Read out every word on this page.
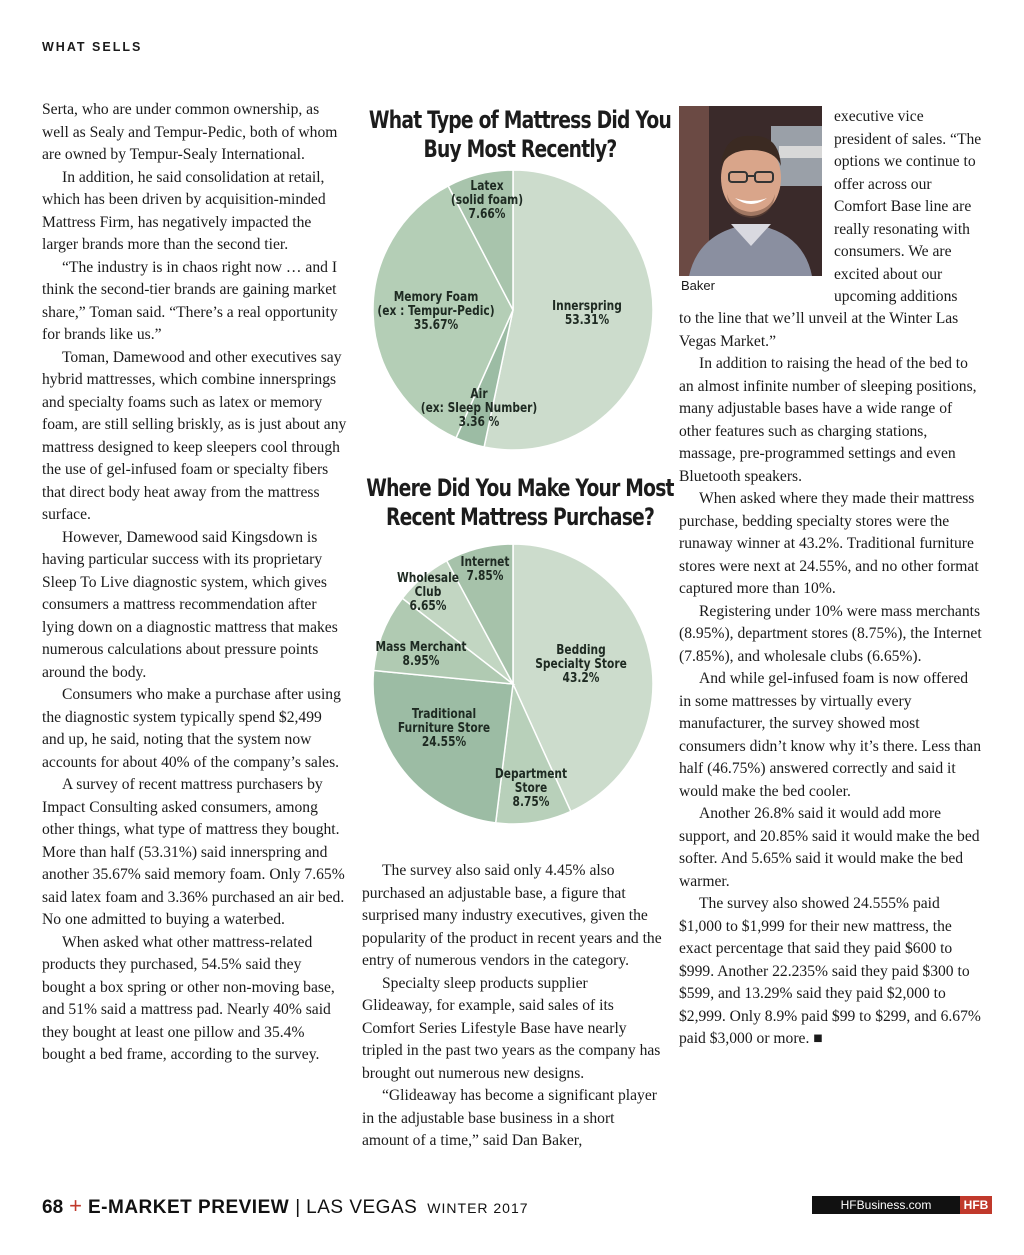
WHAT SELLS

Serta, who are under common ownership, as well as Sealy and Tempur-Pedic, both of whom are owned by Tempur-Sealy International.

In addition, he said consolidation at retail, which has been driven by acquisition-minded Mattress Firm, has negatively impacted the larger brands more than the second tier.

“The industry is in chaos right now … and I think the second-tier brands are gaining market share,” Toman said. “There’s a real opportunity for brands like us.”

Toman, Damewood and other executives say hybrid mattresses, which combine innersprings and specialty foams such as latex or memory foam, are still selling briskly, as is just about any mattress designed to keep sleepers cool through the use of gel-infused foam or specialty fibers that direct body heat away from the mattress surface.

However, Damewood said Kingsdown is having particular success with its proprietary Sleep To Live diagnostic system, which gives consumers a mattress recommendation after lying down on a diagnostic mattress that makes numerous calculations about pressure points around the body.

Consumers who make a purchase after using the diagnostic system typically spend $2,499 and up, he said, noting that the system now accounts for about 40% of the company’s sales.

A survey of recent mattress purchasers by Impact Consulting asked consumers, among other things, what type of mattress they bought. More than half (53.31%) said innerspring and another 35.67% said memory foam. Only 7.65% said latex foam and 3.36% purchased an air bed. No one admitted to buying a waterbed.

When asked what other mattress-related products they purchased, 54.5% said they bought a box spring or other non-moving base, and 51% said a mattress pad. Nearly 40% said they bought at least one pillow and 35.4% bought a bed frame, according to the survey.

What Type of Mattress Did You Buy Most Recently?
Innerspring 53.31%
Air (ex: Sleep Number) 3.36 %
Memory Foam (ex : Tempur-Pedic) 35.67%
Latex (solid foam) 7.66%
Where Did You Make Your Most Recent Mattress Purchase?
Bedding Specialty Store 43.2%
Department Store 8.75%
Traditional Furniture Store 24.55%
Mass Merchant 8.95%
Wholesale Club 6.65%
Internet 7.85%

The survey also said only 4.45% also purchased an adjustable base, a figure that surprised many industry executives, given the popularity of the product in recent years and the entry of numerous vendors in the category.

Specialty sleep products supplier Glideaway, for example, said sales of its Comfort Series Lifestyle Base have nearly tripled in the past two years as the company has brought out numerous new designs.

“Glideaway has become a significant player in the adjustable base business in a short amount of a time,” said Dan Baker,

Baker

executive vice president of sales. “The options we continue to offer across our Comfort Base line are really resonating with consumers. We are excited about our upcoming additions

to the line that we’ll unveil at the Winter Las Vegas Market.”

In addition to raising the head of the bed to an almost infinite number of sleeping positions, many adjustable bases have a wide range of other features such as charging stations, massage, pre-programmed settings and even Bluetooth speakers.

When asked where they made their mattress purchase, bedding specialty stores were the runaway winner at 43.2%. Traditional furniture stores were next at 24.55%, and no other format captured more than 10%.

Registering under 10% were mass merchants (8.95%), department stores (8.75%), the Internet (7.85%), and wholesale clubs (6.65%).

And while gel-infused foam is now offered in some mattresses by virtually every manufacturer, the survey showed most consumers didn’t know why it’s there. Less than half (46.75%) answered correctly and said it would make the bed cooler.

Another 26.8% said it would add more support, and 20.85% said it would make the bed softer. And 5.65% said it would make the bed warmer.

The survey also showed 24.555% paid $1,000 to $1,999 for their new mattress, the exact percentage that said they paid $600 to $999. Another 22.235% said they paid $300 to $599, and 13.29% said they paid $2,000 to $2,999. Only 8.9% paid $99 to $299, and 6.67% paid $3,000 or more. ■

68 + E-MARKET PREVIEW | LAS VEGAS WINTER 2017	HFBusiness.com	HFB
